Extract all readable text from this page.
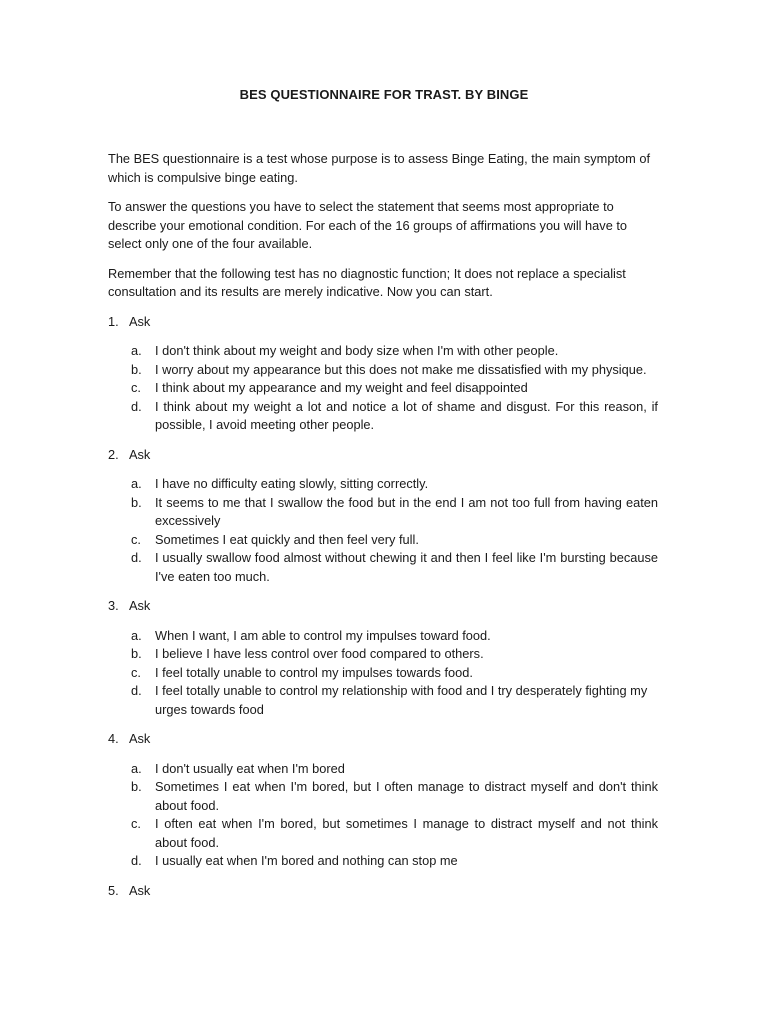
BES QUESTIONNAIRE FOR TRAST. BY BINGE

The BES questionnaire is a test whose purpose is to assess Binge Eating, the main symptom of which is compulsive binge eating.

To answer the questions you have to select the statement that seems most appropriate to describe your emotional condition. For each of the 16 groups of affirmations you will have to select only one of the four available.

Remember that the following test has no diagnostic function; It does not replace a specialist consultation and its results are merely indicative. Now you can start.

1. Ask
a.	I don't think about my weight and body size when I'm with other people.
b.	I worry about my appearance but this does not make me dissatisfied with my physique.
c.	I think about my appearance and my weight and feel disappointed
d.	I think about my weight a lot and notice a lot of shame and disgust. For this reason, if possible, I avoid meeting other people.
2. Ask
a.	I have no difficulty eating slowly, sitting correctly.
b.	It seems to me that I swallow the food but in the end I am not too full from having eaten excessively
c.	Sometimes I eat quickly and then feel very full.
d.	I usually swallow food almost without chewing it and then I feel like I'm bursting because I've eaten too much.
3. Ask
a.	When I want, I am able to control my impulses toward food.
b.	I believe I have less control over food compared to others.
c.	I feel totally unable to control my impulses towards food.
d.	I feel totally unable to control my relationship with food and I try desperately fighting my urges towards food
4. Ask
a.	I don't usually eat when I'm bored
b.	Sometimes I eat when I'm bored, but I often manage to distract myself and don't think about food.
c.	I often eat when I'm bored, but sometimes I manage to distract myself and not think about food.
d.	I usually eat when I'm bored and nothing can stop me
5. Ask
